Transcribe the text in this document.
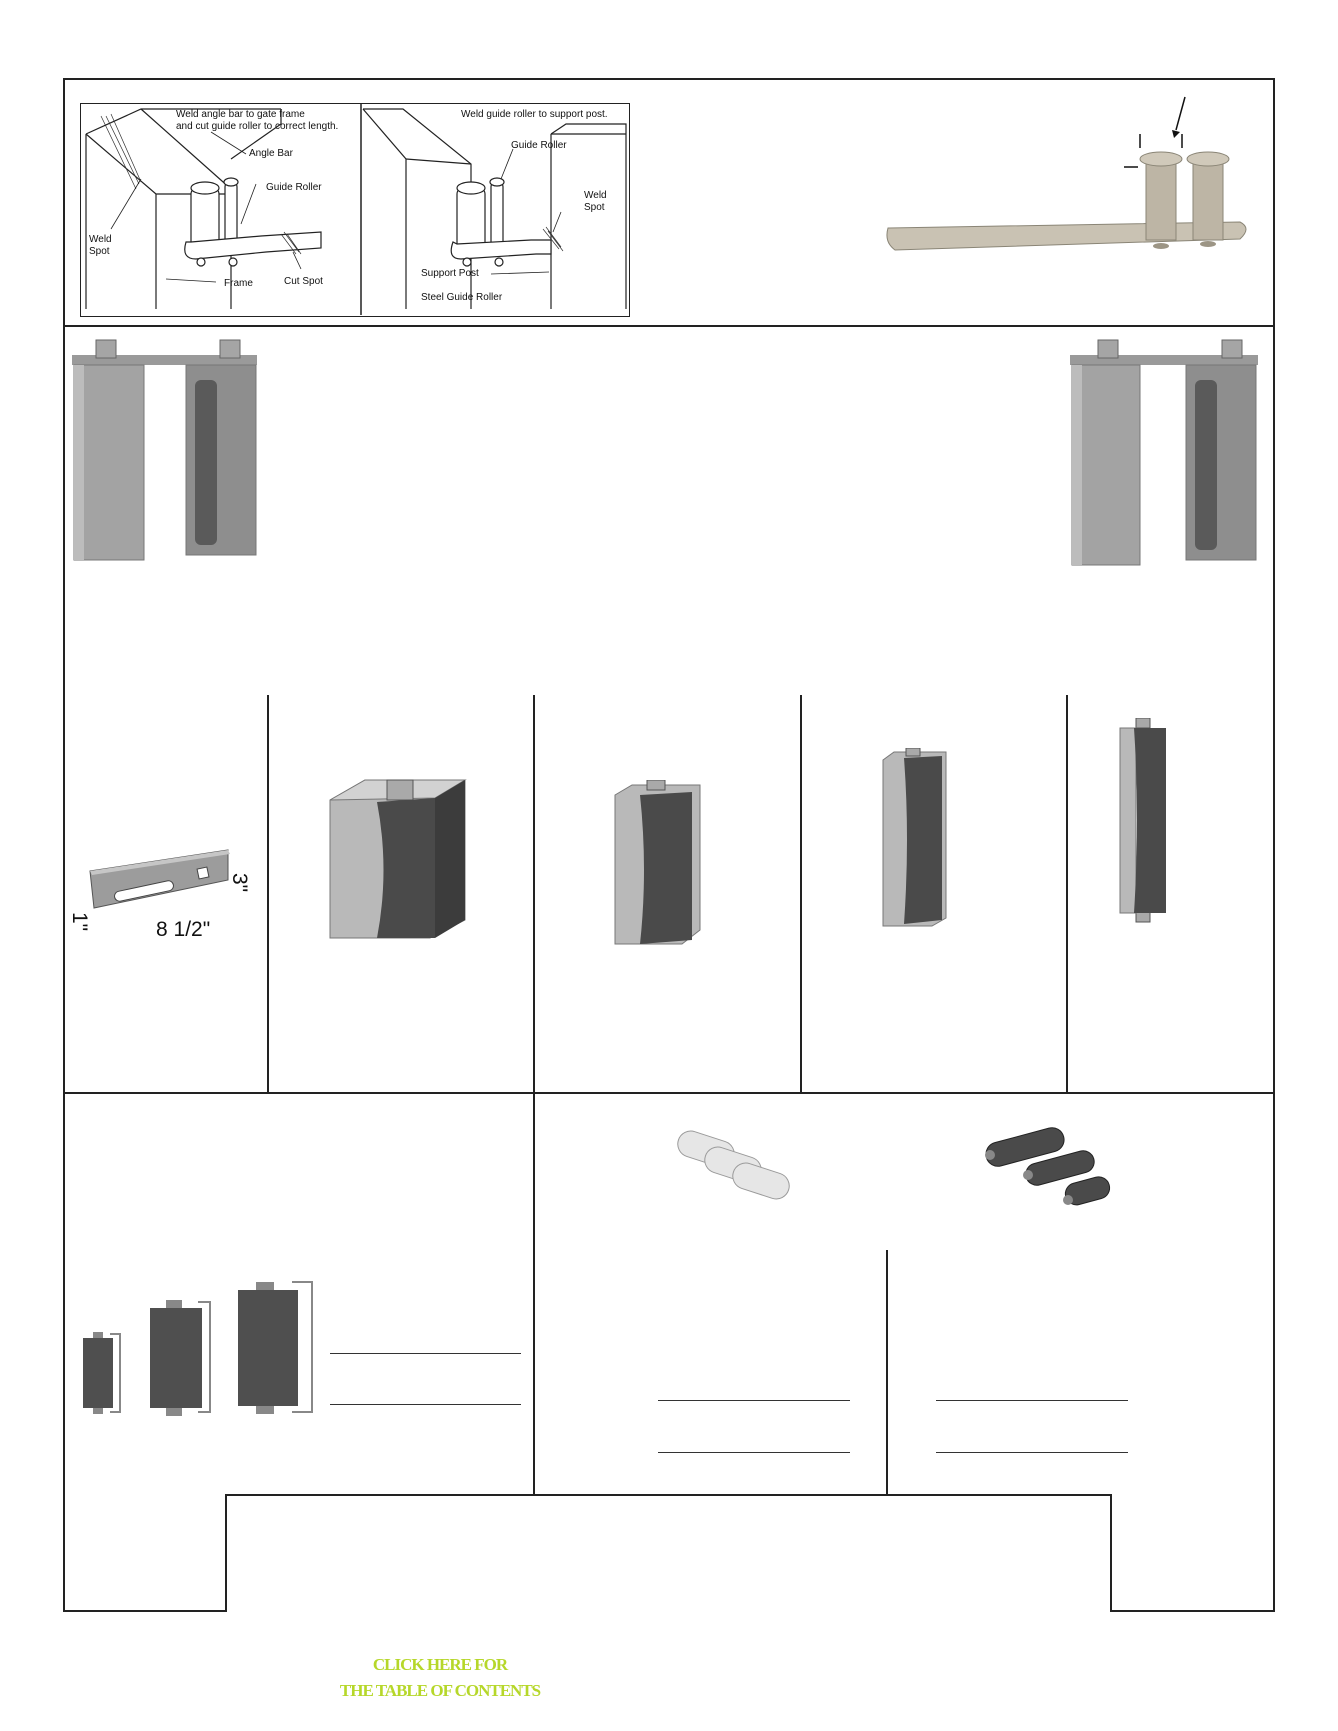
Weld angle bar to gate frame
and cut guide roller to correct length.
Angle Bar
Guide Roller
Weld
Spot
Frame	Cut Spot
Weld guide roller to support post.
Guide Roller
Weld
Spot
Support Post
Steel Guide Roller
3"
8 1/2"
1"
CLICK HERE FOR
THE TABLE OF CONTENTS
